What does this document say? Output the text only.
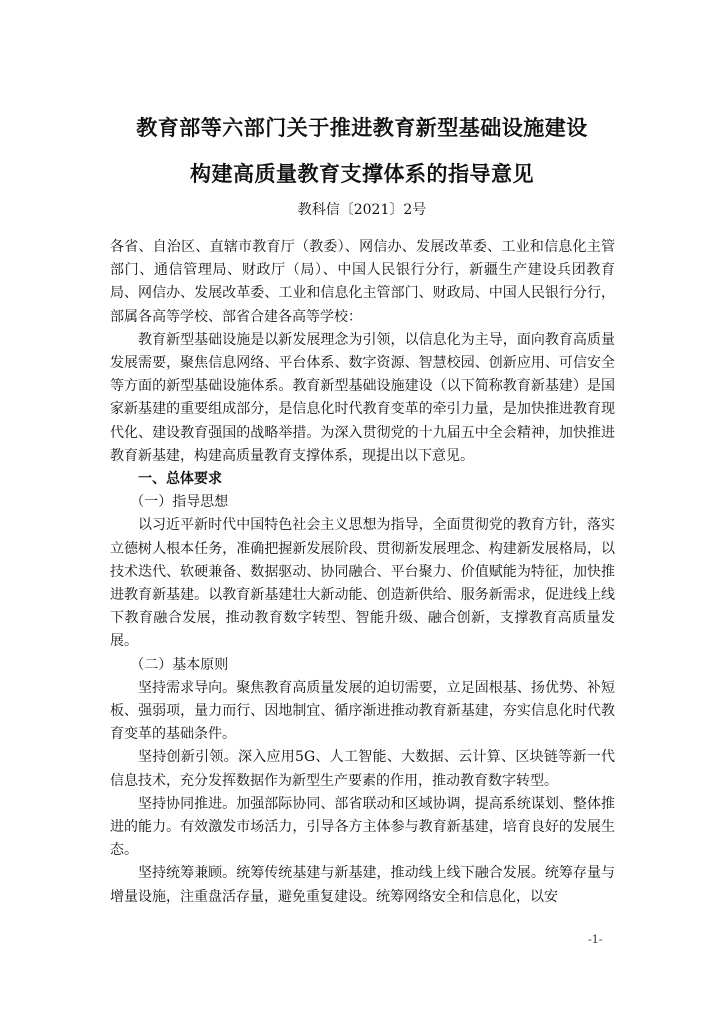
教育部等六部门关于推进教育新型基础设施建设
构建高质量教育支撑体系的指导意见
教科信〔2021〕2号

各省、自治区、直辖市教育厅（教委）、网信办、发展改革委、工业和信息化主管部门、通信管理局、财政厅（局）、中国人民银行分行，新疆生产建设兵团教育局、网信办、发展改革委、工业和信息化主管部门、财政局、中国人民银行分行，部属各高等学校、部省合建各高等学校：

教育新型基础设施是以新发展理念为引领，以信息化为主导，面向教育高质量发展需要，聚焦信息网络、平台体系、数字资源、智慧校园、创新应用、可信安全等方面的新型基础设施体系。教育新型基础设施建设（以下简称教育新基建）是国家新基建的重要组成部分，是信息化时代教育变革的牵引力量，是加快推进教育现代化、建设教育强国的战略举措。为深入贯彻党的十九届五中全会精神，加快推进教育新基建，构建高质量教育支撑体系，现提出以下意见。

一、总体要求

（一）指导思想

以习近平新时代中国特色社会主义思想为指导，全面贯彻党的教育方针，落实立德树人根本任务，准确把握新发展阶段、贯彻新发展理念、构建新发展格局，以技术迭代、软硬兼备、数据驱动、协同融合、平台聚力、价值赋能为特征，加快推进教育新基建。以教育新基建壮大新动能、创造新供给、服务新需求，促进线上线下教育融合发展，推动教育数字转型、智能升级、融合创新，支撑教育高质量发展。

（二）基本原则

坚持需求导向。聚焦教育高质量发展的迫切需要，立足固根基、扬优势、补短板、强弱项，量力而行、因地制宜、循序渐进推动教育新基建，夯实信息化时代教育变革的基础条件。

坚持创新引领。深入应用5G、人工智能、大数据、云计算、区块链等新一代信息技术，充分发挥数据作为新型生产要素的作用，推动教育数字转型。

坚持协同推进。加强部际协同、部省联动和区域协调，提高系统谋划、整体推进的能力。有效激发市场活力，引导各方主体参与教育新基建，培育良好的发展生态。

坚持统筹兼顾。统筹传统基建与新基建，推动线上线下融合发展。统筹存量与增量设施，注重盘活存量，避免重复建设。统筹网络安全和信息化，以安

-1-
